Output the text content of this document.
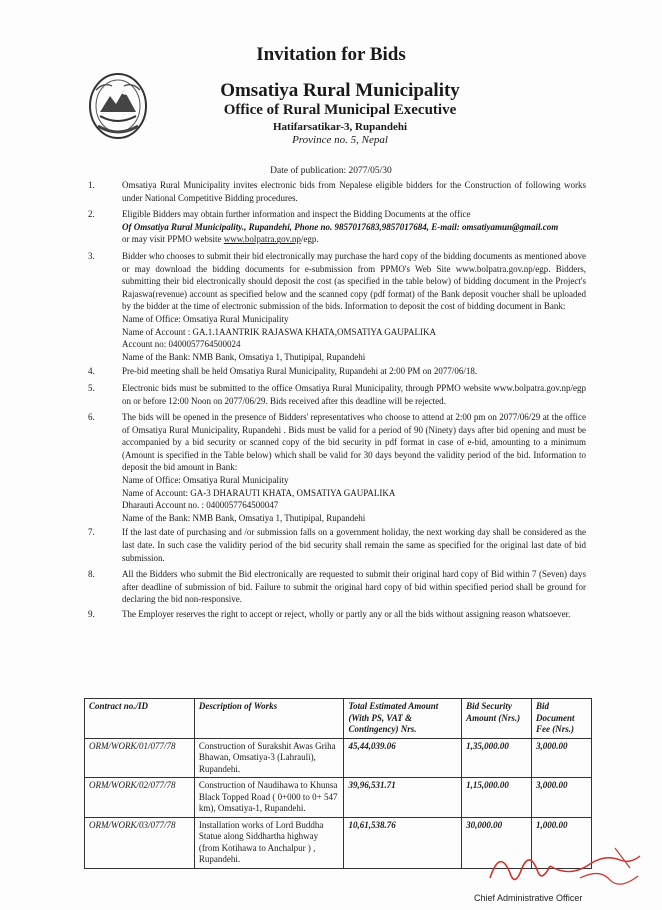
Invitation for Bids
Omsatiya Rural Municipality
Office of Rural Municipal Executive
Hatifarsatikar-3, Rupandehi
Province no. 5, Nepal
Date of publication: 2077/05/30
1.	Omsatiya Rural Municipality invites electronic bids from Nepalese eligible bidders for the Construction of following works under National Competitive Bidding procedures.

2.	Eligible Bidders may obtain further information and inspect the Bidding Documents at the office

Of Omsatiya Rural Municipality., Rupandehi, Phone no. 9857017683,9857017684, E-mail: omsatiyamun@gmail.com

or may visit PPMO website www.bolpatra.gov.np/egp.

3.	Bidder who chooses to submit their bid electronically may purchase the hard copy of the bidding documents as mentioned above or may download the bidding documents for e-submission from PPMO's Web Site www.bolpatra.gov.np/egp. Bidders, submitting their bid electronically should deposit the cost (as specified in the table below) of bidding document in the Project's Rajaswa(revenue) account as specified below and the scanned copy (pdf format) of the Bank deposit voucher shall be uploaded by the bidder at the time of electronic submission of the bids. Information to deposit the cost of bidding document in Bank:

Name of Office: Omsatiya Rural Municipality

Name of Account : GA.1.1AANTRIK RAJASWA KHATA,OMSATIYA GAUPALIKA

Account no: 0400057764500024

Name of the Bank: NMB Bank, Omsatiya 1, Thutipipal, Rupandehi

4.	Pre-bid meeting shall be held Omsatiya Rural Municipality, Rupandehi at 2:00 PM on 2077/06/18.

5.	Electronic bids must be submitted to the office Omsatiya Rural Municipality, through PPMO website www.bolpatra.gov.np/egp on or before 12:00 Noon on 2077/06/29. Bids received after this deadline will be rejected.

6.	The bids will be opened in the presence of Bidders' representatives who choose to attend at 2:00 pm on 2077/06/29 at the office of Omsatiya Rural Municipality, Rupandehi . Bids must be valid for a period of 90 (Ninety) days after bid opening and must be accompanied by a bid security or scanned copy of the bid security in pdf format in case of e-bid, amounting to a minimum (Amount is specified in the Table below) which shall be valid for 30 days beyond the validity period of the bid. Information to deposit the bid amount in Bank:

Name of Office: Omsatiya Rural Municipality

Name of Account: GA-3 DHARAUTI KHATA, OMSATIYA GAUPALIKA

Dharauti Account no. : 0400057764500047

Name of the Bank: NMB Bank, Omsatiya 1, Thutipipal, Rupandehi

7.	If the last date of purchasing and /or submission falls on a government holiday, the next working day shall be considered as the last date. In such case the validity period of the bid security shall remain the same as specified for the original last date of bid submission.

8.	All the Bidders who submit the Bid electronically are requested to submit their original hard copy of Bid within 7 (Seven) days after deadline of submission of bid. Failure to submit the original hard copy of bid within specified period shall be ground for declaring the bid non-responsive.

9.	The Employer reserves the right to accept or reject, wholly or partly any or all the bids without assigning reason whatsoever.

Contract no./ID	Description of Works	Total Estimated Amount (With PS, VAT & Contingency) Nrs.	Bid Security Amount (Nrs.)	Bid Document Fee (Nrs.)
ORM/WORK/01/077/78	Construction of Surakshit Awas Griha Bhawan, Omsatiya-3 (Lahrauli), Rupandehi.	45,44,039.06	1,35,000.00	3,000.00
ORM/WORK/02/077/78	Construction of Naudihawa to Khunsa Black Topped Road ( 0+000 to 0+ 547 km), Omsatiya-1, Rupandehi.	39,96,531.71	1,15,000.00	3,000.00
ORM/WORK/03/077/78	Installation works of Lord Buddha Statue along Siddhartha highway (from Kotihawa to Anchalpur ) , Rupandehi.	10,61,538.76	30,000.00	1,000.00
Chief Administrative Officer
